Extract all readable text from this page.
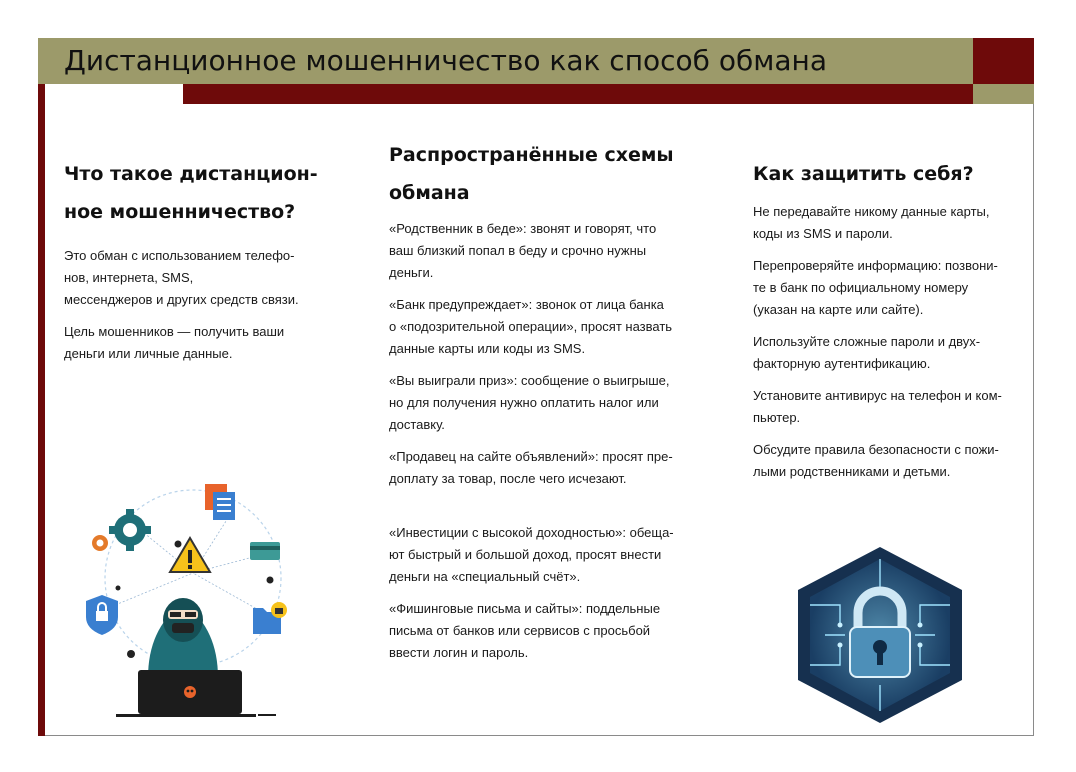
Дистанционное мошенничество как способ обмана
Что такое дистанцион-
ное мошенничество?

Это обман с использованием телефо-
нов, интернета, SMS,
мессенджеров и других средств связи.

Цель мошенников — получить ваши
деньги или личные данные.

Распространённые схемы
обмана

«Родственник в беде»: звонят и говорят, что
ваш близкий попал в беду и срочно нужны
деньги.

«Банк предупреждает»: звонок от лица банка
о «подозрительной операции», просят назвать
данные карты или коды из SMS.

«Вы выиграли приз»: сообщение о выигрыше,
но для получения нужно оплатить налог или
доставку.

«Продавец на сайте объявлений»: просят пре-
доплату за товар, после чего исчезают.

«Инвестиции с высокой доходностью»: обеща-
ют быстрый и большой доход, просят внести
деньги на «специальный счёт».

«Фишинговые письма и сайты»: поддельные
письма от банков или сервисов с просьбой
ввести логин и пароль.

Как защитить себя?

Не передавайте никому данные карты,
коды из SMS и пароли.

Перепроверяйте информацию: позвони-
те в банк по официальному номеру
(указан на карте или сайте).

Используйте сложные пароли и двух-
факторную аутентификацию.

Установите антивирус на телефон и ком-
пьютер.

Обсудите правила безопасности с пожи-
лыми родственниками и детьми.
